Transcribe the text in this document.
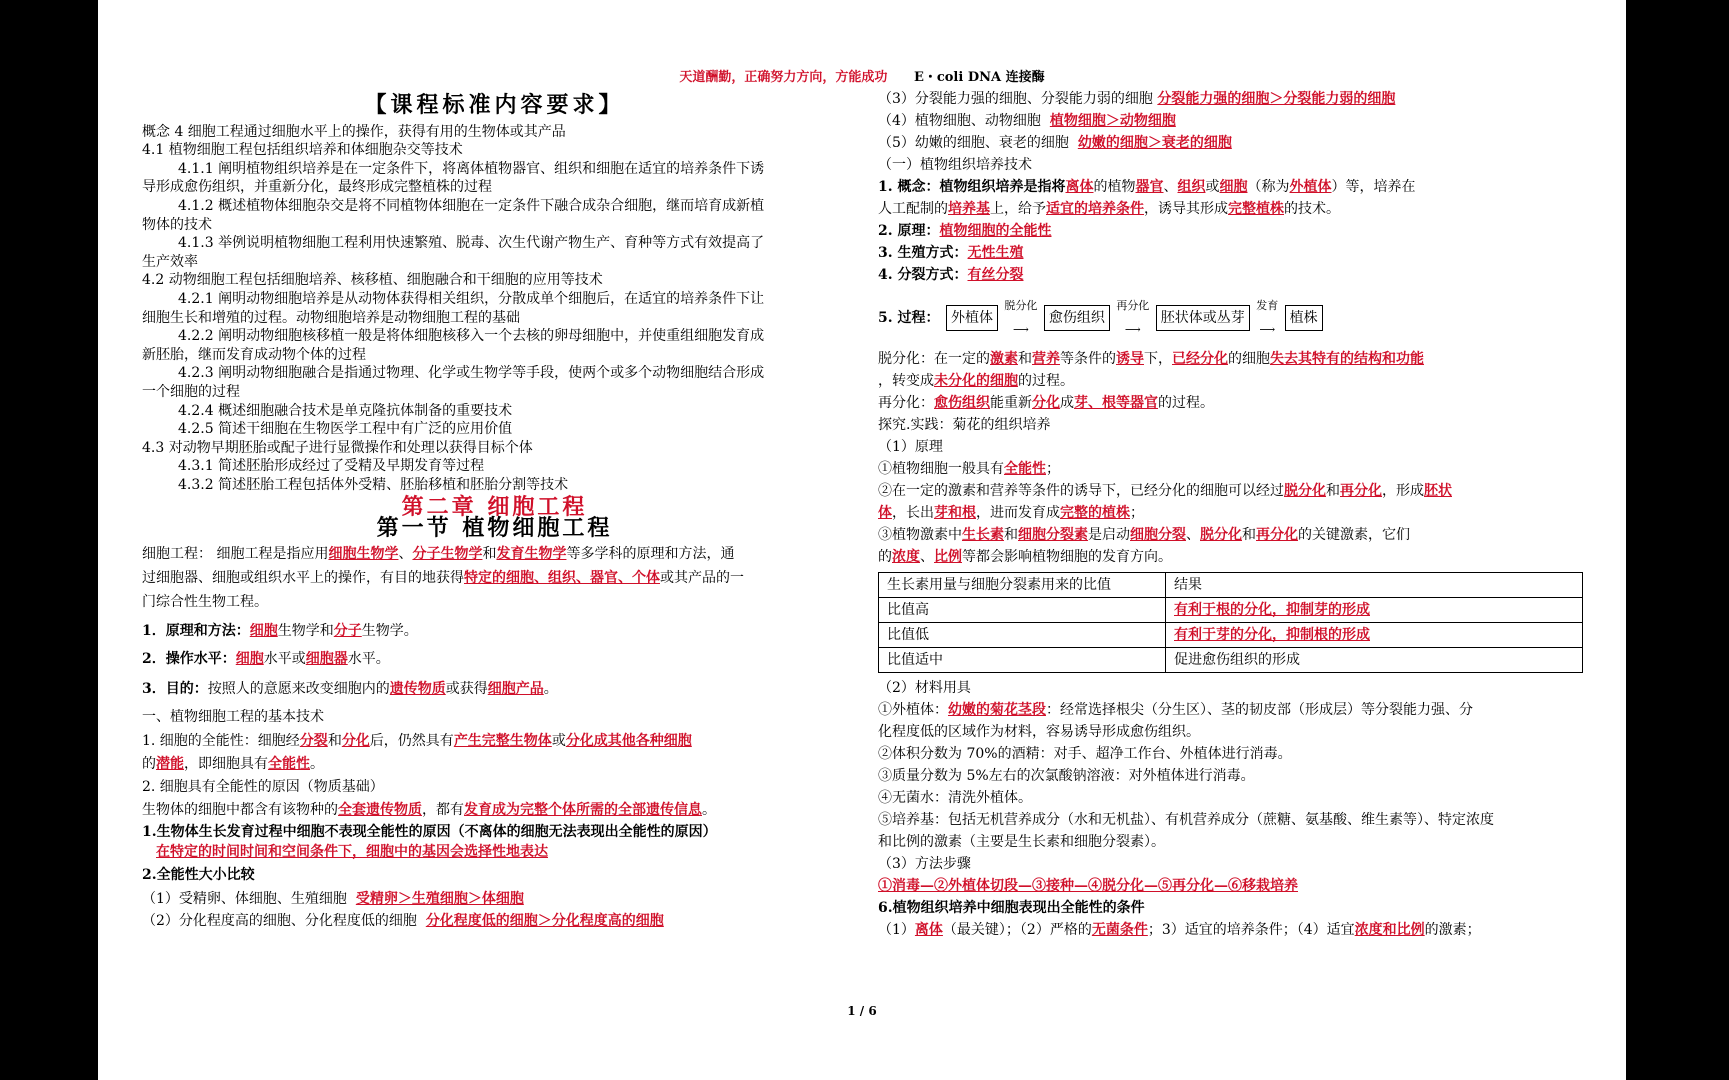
天道酬勤，正确努力方向，方能成功 E・coli DNA 连接酶
【课程标准内容要求】
概念 4 细胞工程通过细胞水平上的操作，获得有用的生物体或其产品
4.1 植物细胞工程包括组织培养和体细胞杂交等技术
4.1.1 阐明植物组织培养是在一定条件下，将离体植物器官、组织和细胞在适宜的培养条件下诱
导形成愈伤组织，并重新分化，最终形成完整植株的过程
4.1.2 概述植物体细胞杂交是将不同植物体细胞在一定条件下融合成杂合细胞，继而培育成新植
物体的技术
4.1.3 举例说明植物细胞工程利用快速繁殖、脱毒、次生代谢产物生产、育种等方式有效提高了
生产效率
4.2 动物细胞工程包括细胞培养、核移植、细胞融合和干细胞的应用等技术
4.2.1 阐明动物细胞培养是从动物体获得相关组织，分散成单个细胞后，在适宜的培养条件下让
细胞生长和增殖的过程。动物细胞培养是动物细胞工程的基础
4.2.2 阐明动物细胞核移植一般是将体细胞核移入一个去核的卵母细胞中，并使重组细胞发育成
新胚胎，继而发育成动物个体的过程
4.2.3 阐明动物细胞融合是指通过物理、化学或生物学等手段，使两个或多个动物细胞结合形成
一个细胞的过程
4.2.4 概述细胞融合技术是单克隆抗体制备的重要技术
4.2.5 简述干细胞在生物医学工程中有广泛的应用价值
4.3 对动物早期胚胎或配子进行显微操作和处理以获得目标个体
4.3.1 简述胚胎形成经过了受精及早期发育等过程
4.3.2 简述胚胎工程包括体外受精、胚胎移植和胚胎分割等技术
第二章 细胞工程
第一节 植物细胞工程
细胞工程： 细胞工程是指应用细胞生物学、分子生物学和发育生物学等多学科的原理和方法，通
过细胞器、细胞或组织水平上的操作，有目的地获得特定的细胞、组织、器官、个体或其产品的一
门综合性生物工程。
1．原理和方法：细胞生物学和分子生物学。
2．操作水平：细胞水平或细胞器水平。
3．目的：按照人的意愿来改变细胞内的遗传物质或获得细胞产品。
一、植物细胞工程的基本技术
1. 细胞的全能性：细胞经分裂和分化后，仍然具有产生完整生物体或分化成其他各种细胞
的潜能，即细胞具有全能性。
2. 细胞具有全能性的原因（物质基础）
生物体的细胞中都含有该物种的全套遗传物质，都有发育成为完整个体所需的全部遗传信息。
1.生物体生长发育过程中细胞不表现全能性的原因（不离体的细胞无法表现出全能性的原因）
在特定的时间时间和空间条件下，细胞中的基因会选择性地表达
2.全能性大小比较
（1）受精卵、体细胞、生殖细胞 受精卵＞生殖细胞＞体细胞
（2）分化程度高的细胞、分化程度低的细胞 分化程度低的细胞＞分化程度高的细胞
（3）分裂能力强的细胞、分裂能力弱的细胞 分裂能力强的细胞＞分裂能力弱的细胞
（4）植物细胞、动物细胞 植物细胞＞动物细胞
（5）幼嫩的细胞、衰老的细胞 幼嫩的细胞＞衰老的细胞
（一）植物组织培养技术
1. 概念：植物组织培养是指将离体的植物器官、组织或细胞（称为外植体）等，培养在
人工配制的培养基上，给予适宜的培养条件，诱导其形成完整植株的技术。
2. 原理：植物细胞的全能性
3. 生殖方式：无性生殖
4. 分裂方式：有丝分裂
5. 过程： 外植体 脱分化
⟶ 愈伤组织 再分化
⟶ 胚状体或丛芽 发育
⟶ 植株
脱分化：在一定的激素和营养等条件的诱导下，已经分化的细胞失去其特有的结构和功能
，转变成未分化的细胞的过程。
再分化：愈伤组织能重新分化成芽、根等器官的过程。
探究.实践：菊花的组织培养
（1）原理
①植物细胞一般具有全能性；
②在一定的激素和营养等条件的诱导下，已经分化的细胞可以经过脱分化和再分化，形成胚状
体，长出芽和根，进而发育成完整的植株；
③植物激素中生长素和细胞分裂素是启动细胞分裂、脱分化和再分化的关键激素，它们
的浓度、比例等都会影响植物细胞的发育方向。
生长素用量与细胞分裂素用来的比值	结果
比值高	有利于根的分化，抑制芽的形成
比值低	有利于芽的分化，抑制根的形成
比值适中	促进愈伤组织的形成
（2）材料用具
①外植体：幼嫩的菊花茎段：经常选择根尖（分生区）、茎的韧皮部（形成层）等分裂能力强、分
化程度低的区域作为材料，容易诱导形成愈伤组织。
②体积分数为 70%的酒精：对手、超净工作台、外植体进行消毒。
③质量分数为 5%左右的次氯酸钠溶液：对外植体进行消毒。
④无菌水：清洗外植体。
⑤培养基：包括无机营养成分（水和无机盐）、有机营养成分（蔗糖、氨基酸、维生素等）、特定浓度
和比例的激素（主要是生长素和细胞分裂素）。
（3）方法步骤
①消毒—②外植体切段—③接种—④脱分化—⑤再分化—⑥移栽培养
6.植物组织培养中细胞表现出全能性的条件
（1）离体（最关键）；（2）严格的无菌条件；3）适宜的培养条件；（4）适宜浓度和比例的激素；
1 / 6
